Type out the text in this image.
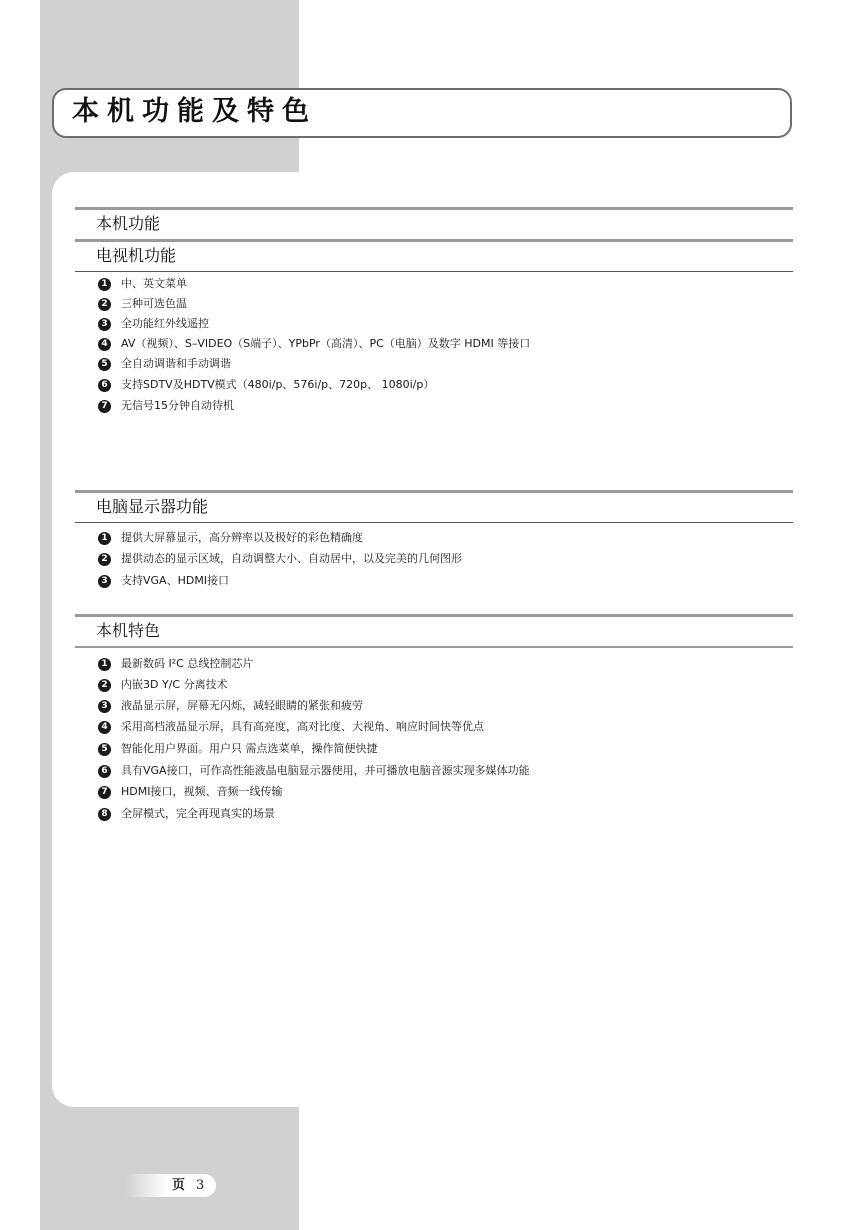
本机功能及特色
本机功能
电视机功能
1	中、英文菜单
2	三种可选色温
3	全功能红外线遥控
4	AV（视频）、S–VIDEO（S端子）、YPbPr（高清）、PC（电脑）及数字 HDMI 等接口
5	全自动调谐和手动调谐
6	支持SDTV及HDTV模式（480i/p、576i/p、720p、 1080i/p）
7	无信号15分钟自动待机
电脑显示器功能
1	提供大屏幕显示，高分辨率以及极好的彩色精确度
2	提供动态的显示区域，自动调整大小、自动居中，以及完美的几何图形
3	支持VGA、HDMI接口
本机特色
1	最新数码 I²C 总线控制芯片
2	内嵌3D Y/C 分离技术
3	液晶显示屏，屏幕无闪烁，减轻眼睛的紧张和疲劳
4	采用高档液晶显示屏，具有高亮度，高对比度、大视角、响应时间快等优点
5	智能化用户界面。用户只 需点选菜单，操作简便快捷
6	具有VGA接口，可作高性能液晶电脑显示器使用，并可播放电脑音源实现多媒体功能
7	HDMI接口，视频、音频一线传输
8	全屏模式，完全再现真实的场景
页 3
